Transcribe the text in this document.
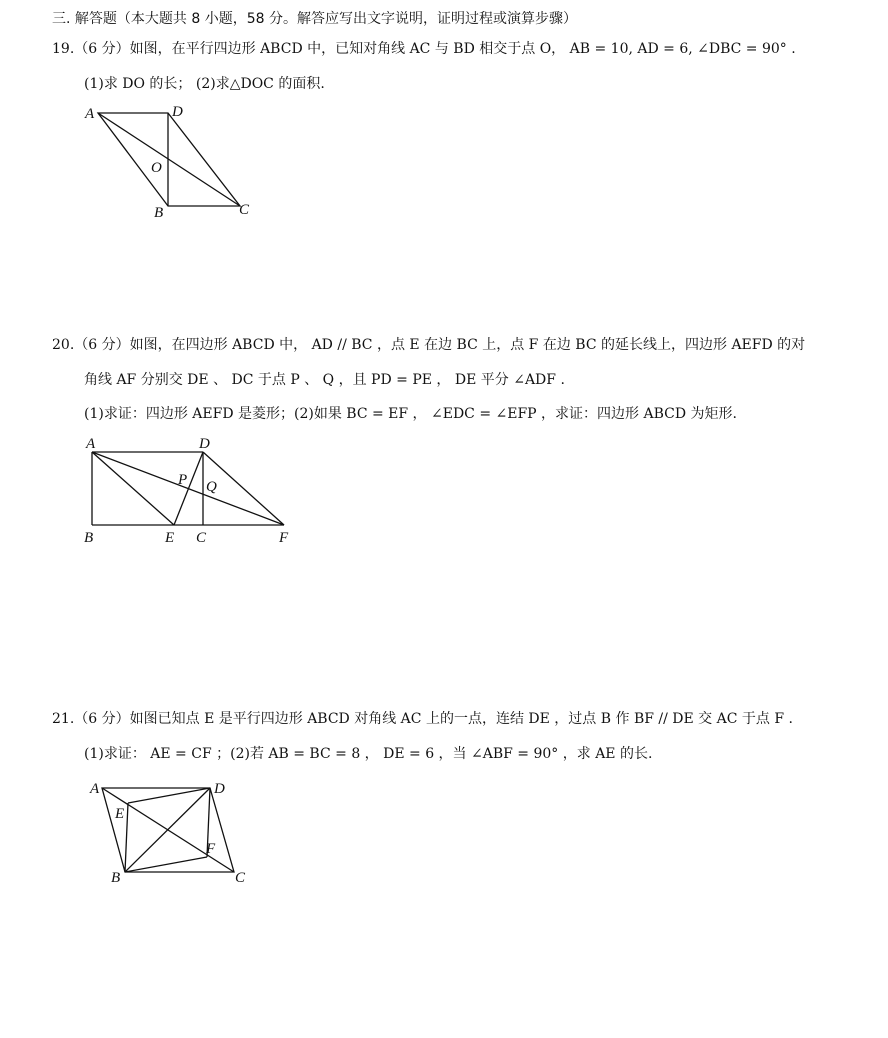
三. 解答题（本大题共 8 小题，58 分。解答应写出文字说明，证明过程或演算步骤）
19.（6 分）如图，在平行四边形 ABCD 中，已知对角线 AC 与 BD 相交于点 O， AB = 10, AD = 6, ∠DBC = 90° .
(1)求 DO 的长； (2)求△DOC 的面积.
A	D
O
B	C
20.（6 分）如图，在四边形 ABCD 中， AD // BC ，点 E 在边 BC 上，点 F 在边 BC 的延长线上，四边形 AEFD 的对
角线 AF 分别交 DE 、 DC 于点 P 、 Q ，且 PD = PE ， DE 平分 ∠ADF .
(1)求证：四边形 AEFD 是菱形；(2)如果 BC = EF ， ∠EDC = ∠EFP ，求证：四边形 ABCD 为矩形.
A	D
P Q
B	E C	F
21.（6 分）如图已知点 E 是平行四边形 ABCD 对角线 AC 上的一点，连结 DE ，过点 B 作 BF // DE 交 AC 于点 F .
(1)求证： AE = CF ；(2)若 AB = BC = 8 ， DE = 6 ，当 ∠ABF = 90° ，求 AE 的长.
A	D
E
F
B	C
